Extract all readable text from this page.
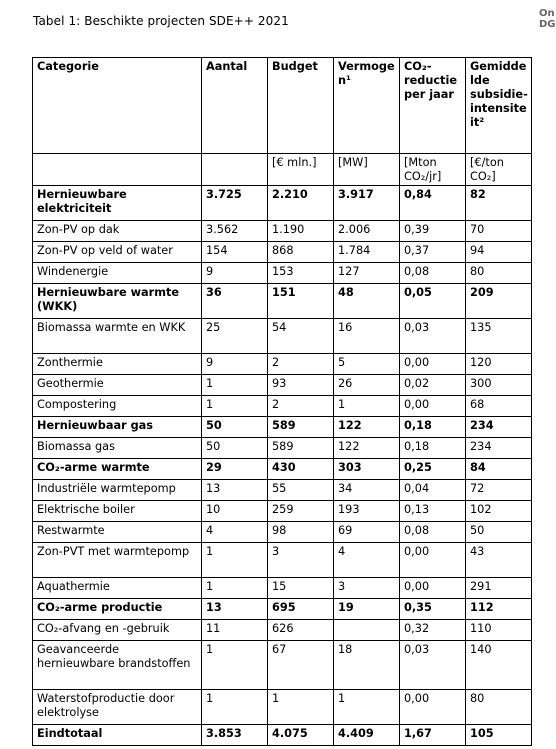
Tabel 1: Beschikte projecten SDE++ 2021
On DG
Categorie	Aantal	Budget	Vermogen¹	CO₂-reductie per jaar	Gemiddelde subsidie-intensiteit²
		[€ mln.]	[MW]	[Mton CO₂/jr]	[€/ton CO₂]
Hernieuwbare elektriciteit	3.725	2.210	3.917	0,84	82
Zon-PV op dak	3.562	1.190	2.006	0,39	70
Zon-PV op veld of water	154	868	1.784	0,37	94
Windenergie	9	153	127	0,08	80
Hernieuwbare warmte (WKK)	36	151	48	0,05	209
Biomassa warmte en WKK	25	54	16	0,03	135
Zonthermie	9	2	5	0,00	120
Geothermie	1	93	26	0,02	300
Compostering	1	2	1	0,00	68
Hernieuwbaar gas	50	589	122	0,18	234
Biomassa gas	50	589	122	0,18	234
CO₂-arme warmte	29	430	303	0,25	84
Industriële warmtepomp	13	55	34	0,04	72
Elektrische boiler	10	259	193	0,13	102
Restwarmte	4	98	69	0,08	50
Zon-PVT met warmtepomp	1	3	4	0,00	43
Aquathermie	1	15	3	0,00	291
CO₂-arme productie	13	695	19	0,35	112
CO₂-afvang en -gebruik	11	626		0,32	110
Geavanceerde hernieuwbare brandstoffen	1	67	18	0,03	140
Waterstofproductie door elektrolyse	1	1	1	0,00	80
Eindtotaal	3.853	4.075	4.409	1,67	105
